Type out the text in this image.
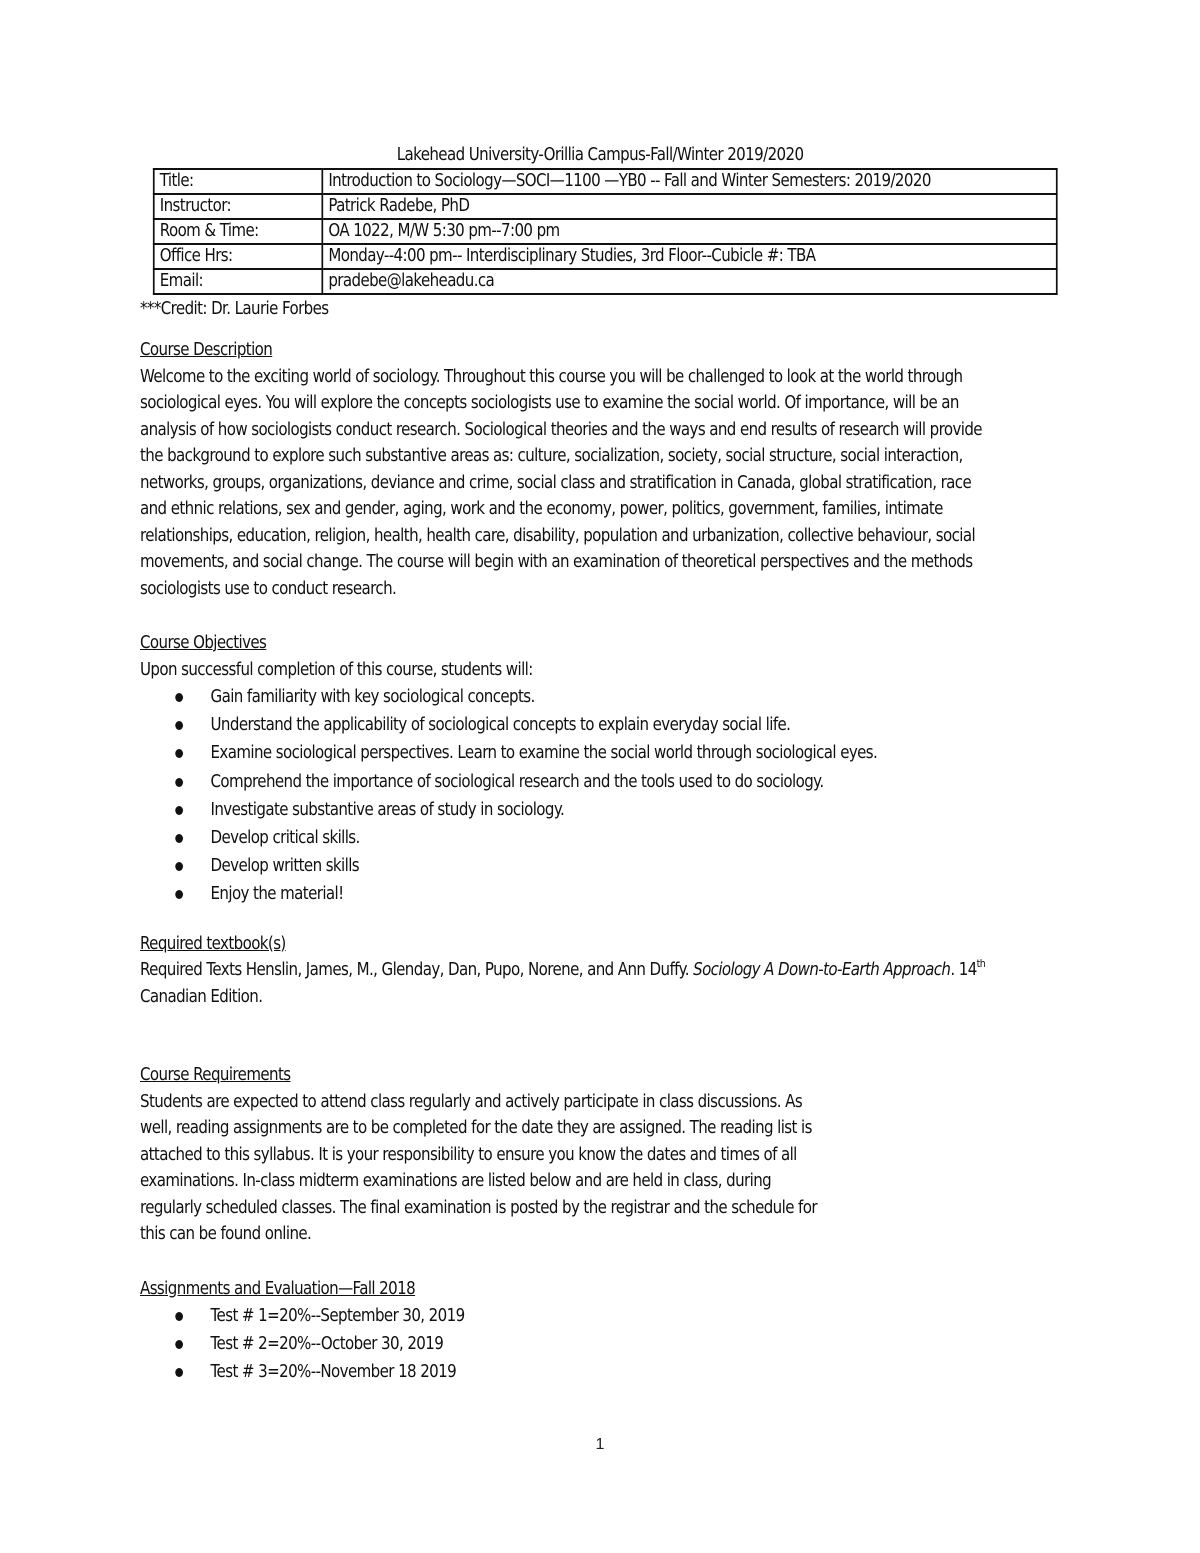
Lakehead University-Orillia Campus-Fall/Winter 2019/2020
Title:	Introduction to Sociology—SOCI—1100 —YB0 -- Fall and Winter Semesters: 2019/2020
Instructor:	Patrick Radebe, PhD
Room & Time:	OA 1022, M/W 5:30 pm--7:00 pm
Office Hrs:	Monday--4:00 pm-- Interdisciplinary Studies, 3rd Floor--Cubicle #: TBA
Email:	pradebe@lakeheadu.ca
***Credit: Dr. Laurie Forbes
Course Description
Welcome to the exciting world of sociology. Throughout this course you will be challenged to look at the world through
sociological eyes. You will explore the concepts sociologists use to examine the social world. Of importance, will be an
analysis of how sociologists conduct research. Sociological theories and the ways and end results of research will provide
the background to explore such substantive areas as: culture, socialization, society, social structure, social interaction,
networks, groups, organizations, deviance and crime, social class and stratification in Canada, global stratification, race
and ethnic relations, sex and gender, aging, work and the economy, power, politics, government, families, intimate
relationships, education, religion, health, health care, disability, population and urbanization, collective behaviour, social
movements, and social change. The course will begin with an examination of theoretical perspectives and the methods
sociologists use to conduct research.
Course Objectives
Upon successful completion of this course, students will:
Gain familiarity with key sociological concepts.
Understand the applicability of sociological concepts to explain everyday social life.
Examine sociological perspectives. Learn to examine the social world through sociological eyes.
Comprehend the importance of sociological research and the tools used to do sociology.
Investigate substantive areas of study in sociology.
Develop critical skills.
Develop written skills
Enjoy the material!
Required textbook(s)
Required Texts Henslin, James, M., Glenday, Dan, Pupo, Norene, and Ann Duffy. Sociology A Down-to-Earth Approach. 14th
Canadian Edition.
Course Requirements
Students are expected to attend class regularly and actively participate in class discussions. As
well, reading assignments are to be completed for the date they are assigned. The reading list is
attached to this syllabus. It is your responsibility to ensure you know the dates and times of all
examinations. In-class midterm examinations are listed below and are held in class, during
regularly scheduled classes. The final examination is posted by the registrar and the schedule for
this can be found online.
Assignments and Evaluation—Fall 2018
Test # 1=20%--September 30, 2019
Test # 2=20%--October 30, 2019
Test # 3=20%--November 18 2019
1
